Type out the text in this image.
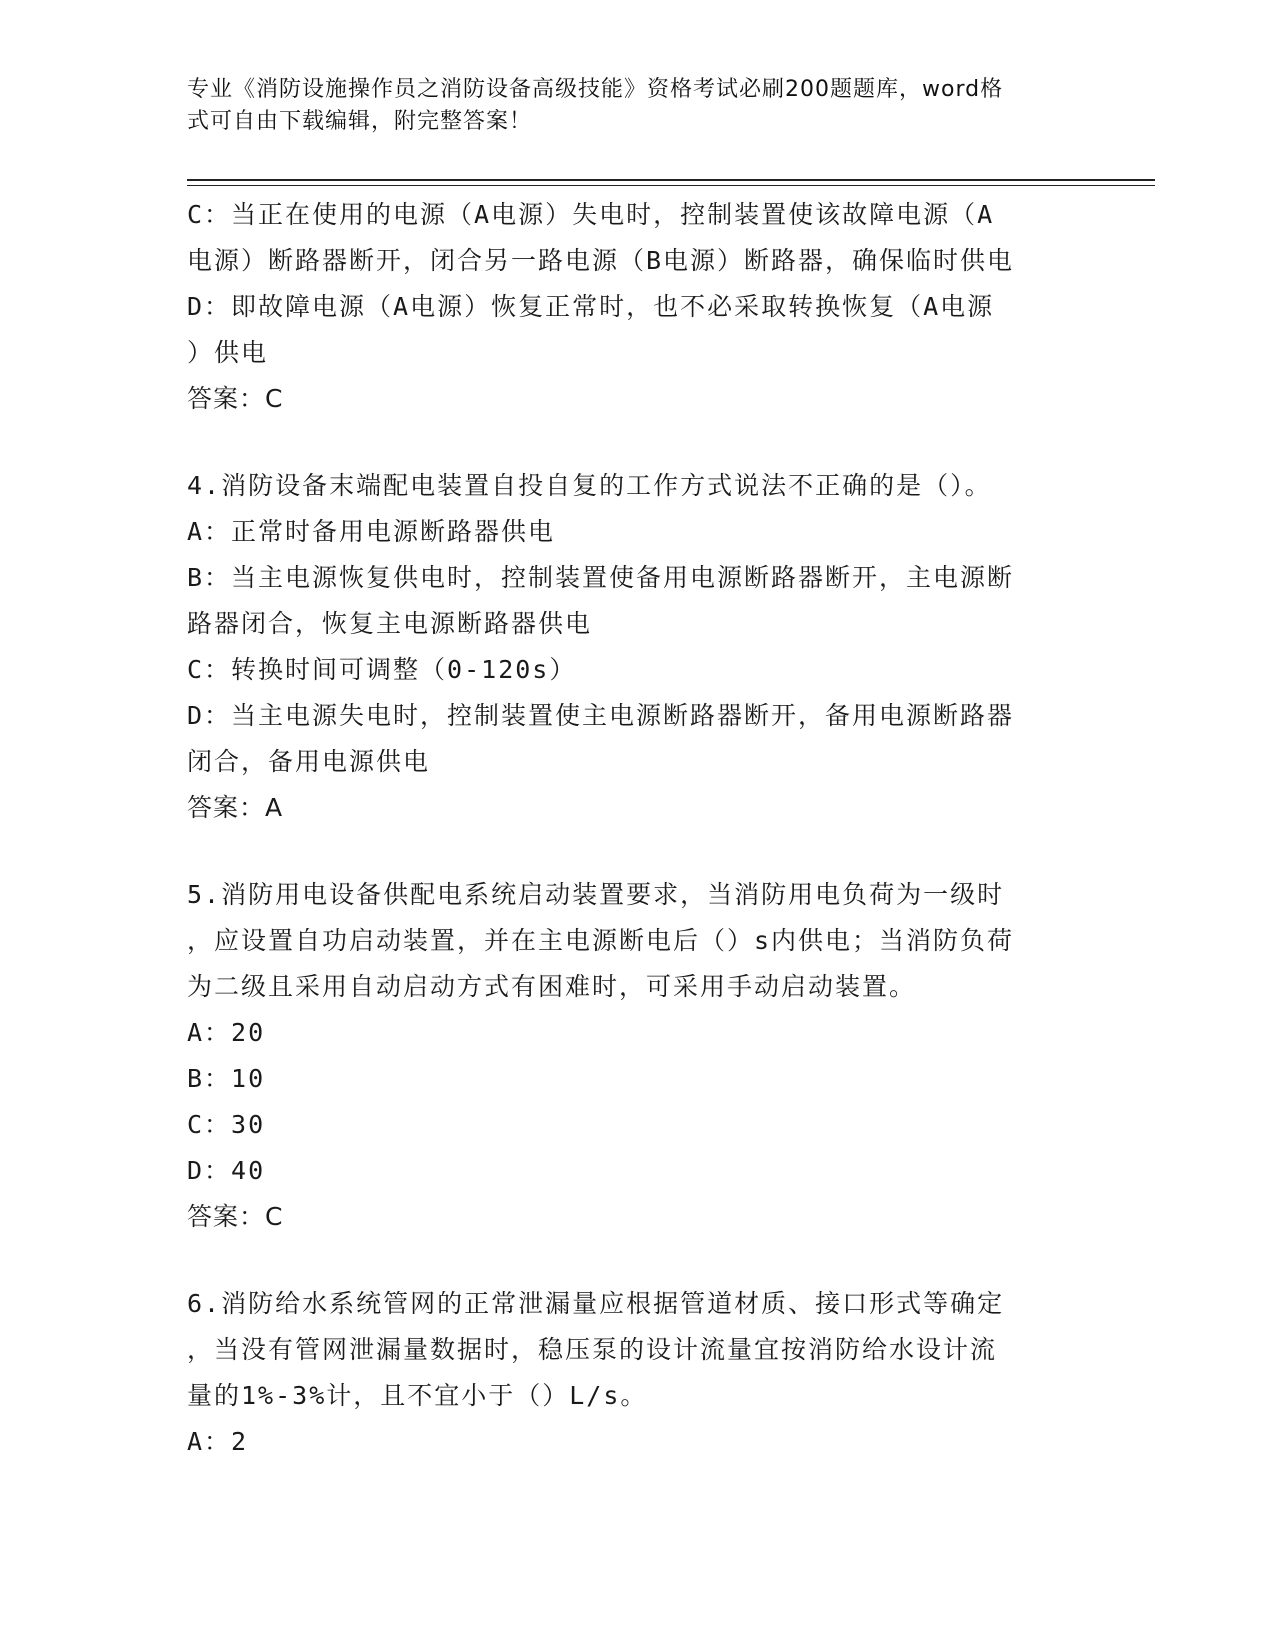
专业《消防设施操作员之消防设备高级技能》资格考试必刷200题题库，word格
式可自由下载编辑，附完整答案！
C：当正在使用的电源（A电源）失电时，控制装置使该故障电源（A
电源）断路器断开，闭合另一路电源（B电源）断路器，确保临时供电
D：即故障电源（A电源）恢复正常时，也不必采取转换恢复（A电源
）供电
答案：C
4.消防设备末端配电装置自投自复的工作方式说法不正确的是（）。
A：正常时备用电源断路器供电
B：当主电源恢复供电时，控制装置使备用电源断路器断开，主电源断
路器闭合，恢复主电源断路器供电
C：转换时间可调整（0-120s）
D：当主电源失电时，控制装置使主电源断路器断开，备用电源断路器
闭合，备用电源供电
答案：A
5.消防用电设备供配电系统启动装置要求，当消防用电负荷为一级时
，应设置自功启动装置，并在主电源断电后（）s内供电；当消防负荷
为二级且采用自动启动方式有困难时，可采用手动启动装置。
A：20
B：10
C：30
D：40
答案：C
6.消防给水系统管网的正常泄漏量应根据管道材质、接口形式等确定
，当没有管网泄漏量数据时，稳压泵的设计流量宜按消防给水设计流
量的1%-3%计，且不宜小于（）L/s。
A：2
